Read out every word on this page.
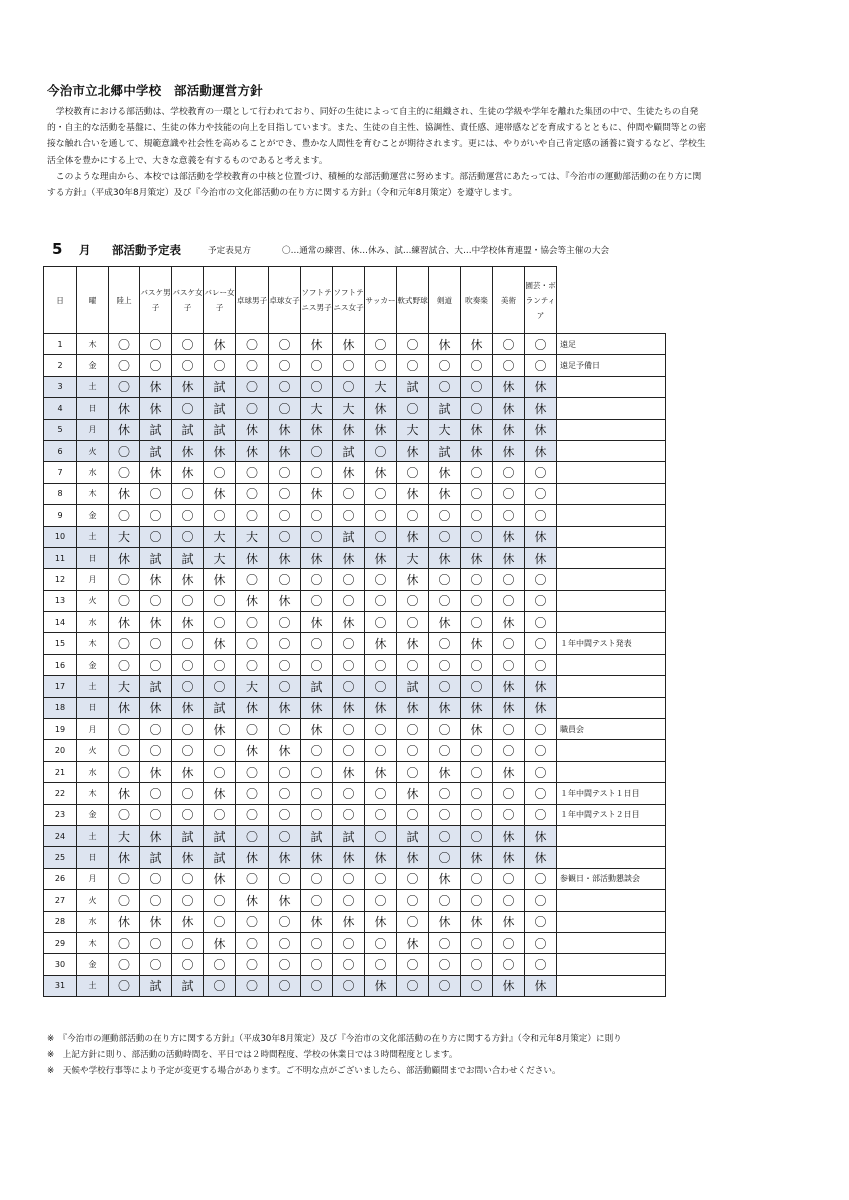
今治市立北郷中学校　部活動運営方針

学校教育における部活動は、学校教育の一環として行われており、同好の生徒によって自主的に組織され、生徒の学級や学年を離れた集団の中で、生徒たちの自発的・自主的な活動を基盤に、生徒の体力や技能の向上を目指しています。また、生徒の自主性、協調性、責任感、連帯感などを育成するとともに、仲間や顧問等との密接な触れ合いを通して、規範意識や社会性を高めることができ、豊かな人間性を育むことが期待されます。更には、やりがいや自己肯定感の涵養に資するなど、学校生活全体を豊かにする上で、大きな意義を有するものであると考えます。

このような理由から、本校では部活動を学校教育の中核と位置づけ、積極的な部活動運営に努めます。部活動運営にあたっては、『今治市の運動部活動の在り方に関する方針』（平成30年8月策定）及び『今治市の文化部活動の在り方に関する方針』（令和元年8月策定）を遵守します。

5 月 部活動予定表	予定表見方	〇…通常の練習、休…休み、試…練習試合、大…中学校体育連盟・協会等主催の大会
日	曜	陸上	バスケ男子	バスケ女子	バレー女子	卓球男子	卓球女子	ソフトテニス男子	ソフトテニス女子	サッカー	軟式野球	剣道	吹奏楽	美術	園芸・ボランティア	
1	木	〇	〇	〇	休	〇	〇	休	休	〇	〇	休	休	〇	〇	遠足
2	金	〇	〇	〇	〇	〇	〇	〇	〇	〇	〇	〇	〇	〇	〇	遠足予備日
3	土	〇	休	休	試	〇	〇	〇	〇	大	試	〇	〇	休	休	
4	日	休	休	〇	試	〇	〇	大	大	休	〇	試	〇	休	休	
5	月	休	試	試	試	休	休	休	休	休	大	大	休	休	休	
6	火	〇	試	休	休	休	休	〇	試	〇	休	試	休	休	休	
7	水	〇	休	休	〇	〇	〇	〇	休	休	〇	休	〇	〇	〇	
8	木	休	〇	〇	休	〇	〇	休	〇	〇	休	休	〇	〇	〇	
9	金	〇	〇	〇	〇	〇	〇	〇	〇	〇	〇	〇	〇	〇	〇	
10	土	大	〇	〇	大	大	〇	〇	試	〇	休	〇	〇	休	休	
11	日	休	試	試	大	休	休	休	休	休	大	休	休	休	休	
12	月	〇	休	休	休	〇	〇	〇	〇	〇	休	〇	〇	〇	〇	
13	火	〇	〇	〇	〇	休	休	〇	〇	〇	〇	〇	〇	〇	〇	
14	水	休	休	休	〇	〇	〇	休	休	〇	〇	休	〇	休	〇	
15	木	〇	〇	〇	休	〇	〇	〇	〇	休	休	〇	休	〇	〇	１年中間テスト発表
16	金	〇	〇	〇	〇	〇	〇	〇	〇	〇	〇	〇	〇	〇	〇	
17	土	大	試	〇	〇	大	〇	試	〇	〇	試	〇	〇	休	休	
18	日	休	休	休	試	休	休	休	休	休	休	休	休	休	休	
19	月	〇	〇	〇	休	〇	〇	休	〇	〇	〇	〇	休	〇	〇	職員会
20	火	〇	〇	〇	〇	休	休	〇	〇	〇	〇	〇	〇	〇	〇	
21	水	〇	休	休	〇	〇	〇	〇	休	休	〇	休	〇	休	〇	
22	木	休	〇	〇	休	〇	〇	〇	〇	〇	休	〇	〇	〇	〇	１年中間テスト１日目
23	金	〇	〇	〇	〇	〇	〇	〇	〇	〇	〇	〇	〇	〇	〇	１年中間テスト２日目
24	土	大	休	試	試	〇	〇	試	試	〇	試	〇	〇	休	休	
25	日	休	試	休	試	休	休	休	休	休	休	〇	休	休	休	
26	月	〇	〇	〇	休	〇	〇	〇	〇	〇	〇	休	〇	〇	〇	参観日・部活動懇談会
27	火	〇	〇	〇	〇	休	休	〇	〇	〇	〇	〇	〇	〇	〇	
28	水	休	休	休	〇	〇	〇	休	休	休	〇	休	休	休	〇	
29	木	〇	〇	〇	休	〇	〇	〇	〇	〇	休	〇	〇	〇	〇	
30	金	〇	〇	〇	〇	〇	〇	〇	〇	〇	〇	〇	〇	〇	〇	
31	土	〇	試	試	〇	〇	〇	〇	〇	休	〇	〇	〇	休	休	

※　『今治市の運動部活動の在り方に関する方針』（平成30年8月策定）及び『今治市の文化部活動の在り方に関する方針』（令和元年8月策定）に則り

※　上記方針に則り、部活動の活動時間を、平日では２時間程度、学校の休業日では３時間程度とします。

※　天候や学校行事等により予定が変更する場合があります。ご不明な点がございましたら、部活動顧問までお問い合わせください。
